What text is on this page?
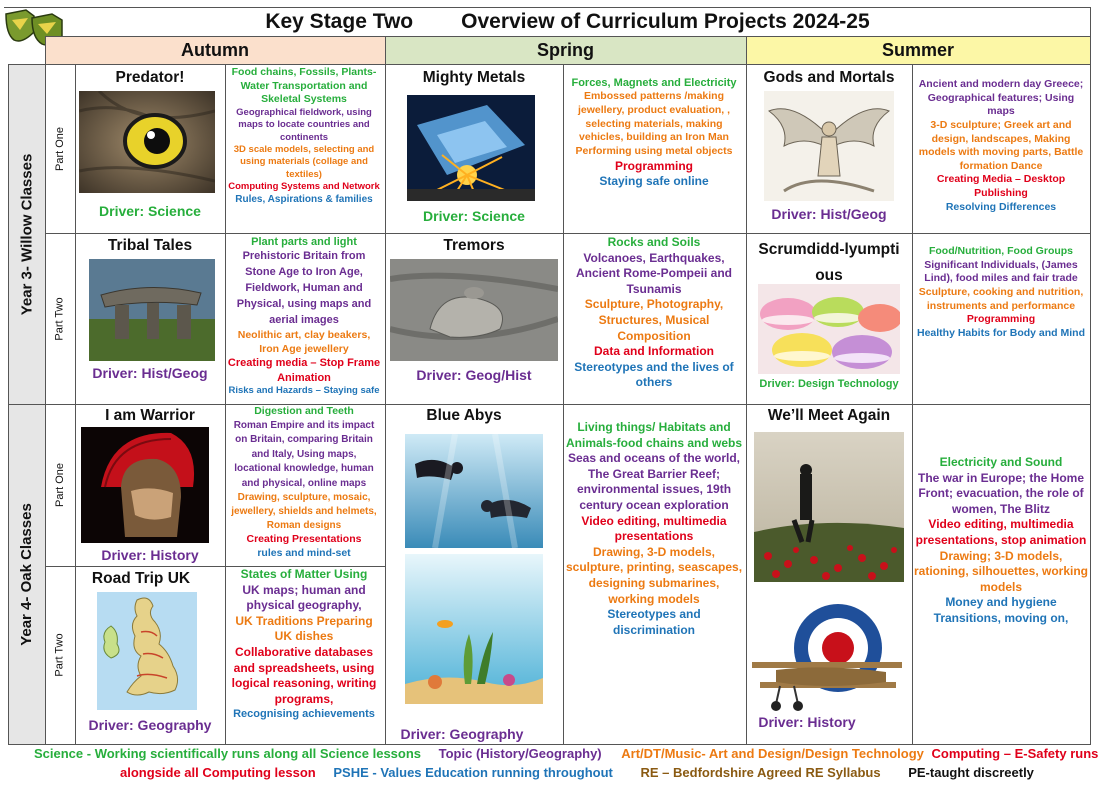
Key Stage Two Overview of Curriculum Projects 2024-25
Autumn	Spring	Summer
Year 3- Willow Classes
Year 4- Oak Classes
Part One
Part Two
Part One
Part Two
Predator!
Driver: Science
Food chains, Fossils, Plants- Water Transportation and Skeletal Systems
Geographical fieldwork, using maps to locate countries and continents
3D scale models, selecting and using materials (collage and textiles)
Computing Systems and Network
Rules, Aspirations & families
Mighty Metals
Driver: Science
Forces, Magnets and Electricity
Embossed patterns /making jewellery, product evaluation, , selecting materials, making vehicles, building an Iron Man Performing using metal objects
Programming
Staying safe online
Gods and Mortals
Driver: Hist/Geog
Ancient and modern day Greece; Geographical features; Using maps
3-D sculpture; Greek art and design, landscapes, Making models with moving parts, Battle formation Dance
Creating Media – Desktop Publishing
Resolving Differences
Tribal Tales
Driver: Hist/Geog
Plant parts and light
Prehistoric Britain from Stone Age to Iron Age, Fieldwork, Human and Physical, using maps and aerial images
Neolithic art, clay beakers, Iron Age jewellery
Creating media – Stop Frame Animation
Risks and Hazards – Staying safe
Tremors
Driver: Geog/Hist
Rocks and Soils
Volcanoes, Earthquakes, Ancient Rome-Pompeii and Tsunamis
Sculpture, Photography, Structures, Musical Composition
Data and Information
Stereotypes and the lives of others
Scrumdidd-lyumptious
Driver: Design Technology
Food/Nutrition, Food Groups
Significant Individuals, (James Lind), food miles and fair trade
Sculpture, cooking and nutrition, instruments and performance
Programming
Healthy Habits for Body and Mind
I am Warrior
Driver: History
Digestion and Teeth
Roman Empire and its impact on Britain, comparing Britain and Italy, Using maps, locational knowledge, human and physical, online maps
Drawing, sculpture, mosaic, jewellery, shields and helmets, Roman designs
Creating Presentations
rules and mind-set
Blue Abys
Driver: Geography
Living things/ Habitats and Animals-food chains and webs
Seas and oceans of the world, The Great Barrier Reef; environmental issues, 19th century ocean exploration
Video editing, multimedia presentations
Drawing, 3-D models, sculpture, printing, seascapes, designing submarines, working models
Stereotypes and discrimination
We’ll Meet Again
Driver: History
Electricity and Sound
The war in Europe; the Home Front; evacuation, the role of women, The Blitz
Video editing, multimedia presentations, stop animation
Drawing; 3-D models, rationing, silhouettes, working models
Money and hygiene Transitions, moving on,
Road Trip UK
Driver: Geography
States of Matter Using
UK maps; human and physical geography,
UK Traditions Preparing UK dishes
Collaborative databases and spreadsheets, using logical reasoning, writing programs,
Recognising achievements
Science - Working scientifically runs along all Science lessons Topic (History/Geography) Art/DT/Music- Art and Design/Design Technology Computing – E-Safety runs
alongside all Computing lesson PSHE - Values Education running throughout RE – Bedfordshire Agreed RE Syllabus PE-taught discreetly
